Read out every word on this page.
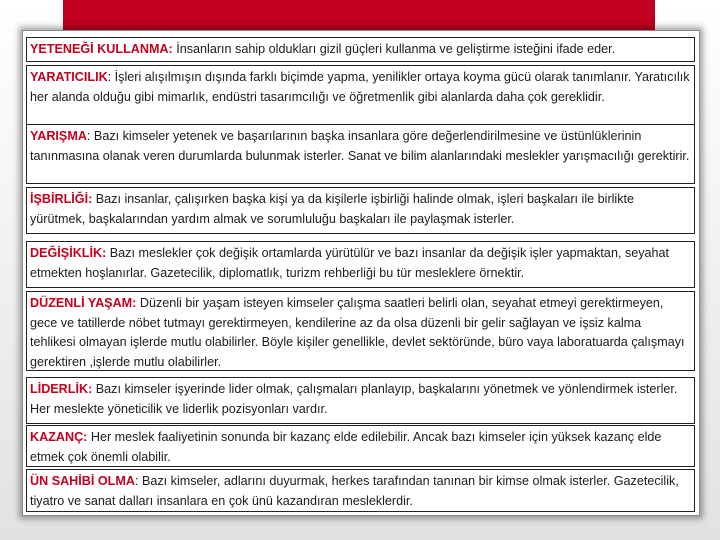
YETENEĞİ KULLANMA: İnsanların sahip oldukları gizil güçleri kullanma ve geliştirme isteğini ifade eder.
YARATICILIK: İşleri alışılmışın dışında farklı biçimde yapma, yenilikler ortaya koyma gücü olarak tanımlanır. Yaratıcılık her alanda olduğu gibi mimarlık, endüstri tasarımcılığı ve öğretmenlik gibi alanlarda daha çok gereklidir.
YARIŞMA: Bazı kimseler yetenek ve başarılarının başka insanlara göre değerlendirilmesine ve üstünlüklerinin tanınmasına olanak veren durumlarda bulunmak isterler. Sanat ve bilim alanlarındaki meslekler yarışmacılığı gerektirir.
İŞBİRLİĞİ: Bazı insanlar, çalışırken başka kişi ya da kişilerle işbirliği halinde olmak, işleri başkaları ile birlikte yürütmek, başkalarından yardım almak ve sorumluluğu başkaları ile paylaşmak isterler.
DEĞİŞİKLİK: Bazı meslekler çok değişik ortamlarda yürütülür ve bazı insanlar da değişik işler yapmaktan, seyahat etmekten hoşlanırlar. Gazetecilik, diplomatlık, turizm rehberliği bu tür mesleklere örnektir.
DÜZENLİ YAŞAM: Düzenli bir yaşam isteyen kimseler çalışma saatleri belirli olan, seyahat etmeyi gerektirmeyen, gece ve tatillerde nöbet tutmayı gerektirmeyen, kendilerine az da olsa düzenli bir gelir sağlayan ve işsiz kalma tehlikesi olmayan işlerde mutlu olabilirler. Böyle kişiler genellikle, devlet sektöründe, büro vaya laboratuarda çalışmayı gerektiren ,işlerde mutlu olabilirler.
LİDERLİK: Bazı kimseler işyerinde lider olmak, çalışmaları planlayıp, başkalarını yönetmek ve yönlendirmek isterler. Her meslekte yöneticilik ve liderlik pozisyonları vardır.
KAZANÇ: Her meslek faaliyetinin sonunda bir kazanç elde edilebilir. Ancak bazı kimseler için yüksek kazanç elde etmek çok önemli olabilir.
ÜN SAHİBİ OLMA: Bazı kimseler, adlarını duyurmak, herkes tarafından tanınan bir kimse olmak isterler. Gazetecilik, tiyatro ve sanat dalları insanlara en çok ünü kazandıran mesleklerdir.
